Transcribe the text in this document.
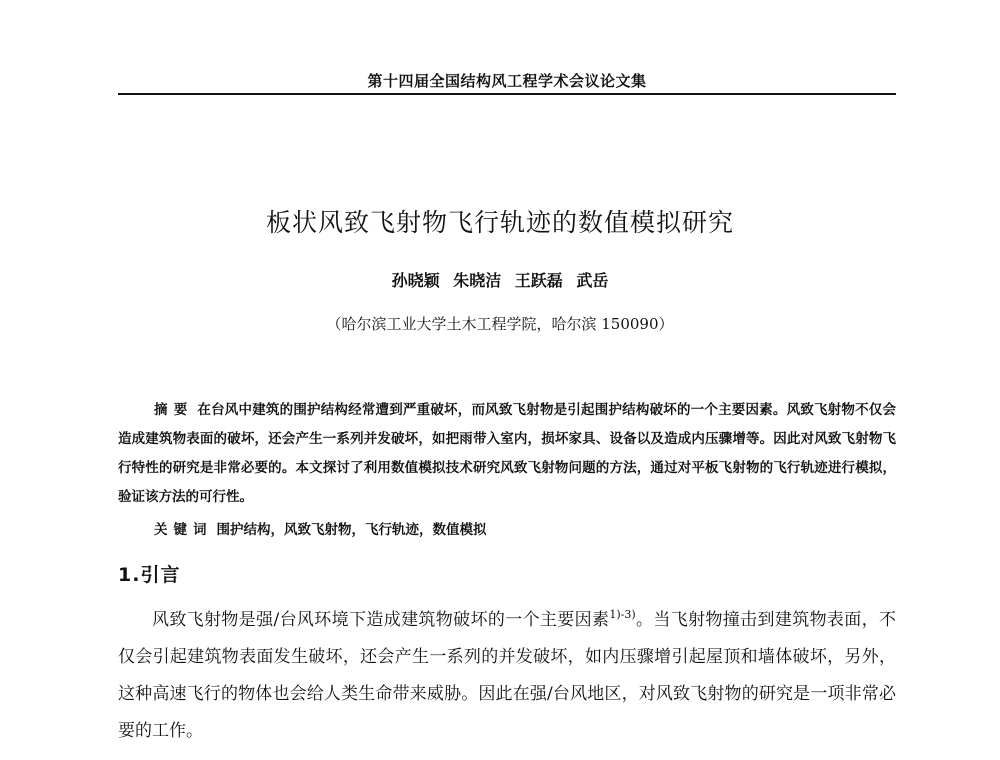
第十四届全国结构风工程学术会议论文集
板状风致飞射物飞行轨迹的数值模拟研究
孙晓颖 朱晓洁 王跃磊 武岳
（哈尔滨工业大学土木工程学院，哈尔滨 150090）
摘要 在台风中建筑的围护结构经常遭到严重破坏，而风致飞射物是引起围护结构破坏的一个主要因素。风致飞射物不仅会造成建筑物表面的破坏，还会产生一系列并发破坏，如把雨带入室内，损坏家具、设备以及造成内压骤增等。因此对风致飞射物飞行特性的研究是非常必要的。本文探讨了利用数值模拟技术研究风致飞射物问题的方法，通过对平板飞射物的飞行轨迹进行模拟，验证该方法的可行性。
关键词 围护结构，风致飞射物，飞行轨迹，数值模拟
1.引言
风致飞射物是强/台风环境下造成建筑物破坏的一个主要因素$^{1)-3)}$。当飞射物撞击到建筑物表面，不仅会引起建筑物表面发生破坏，还会产生一系列的并发破坏，如内压骤增引起屋顶和墙体破坏，另外，这种高速飞行的物体也会给人类生命带来威胁。因此在强/台风地区，对风致飞射物的研究是一项非常必要的工作。
